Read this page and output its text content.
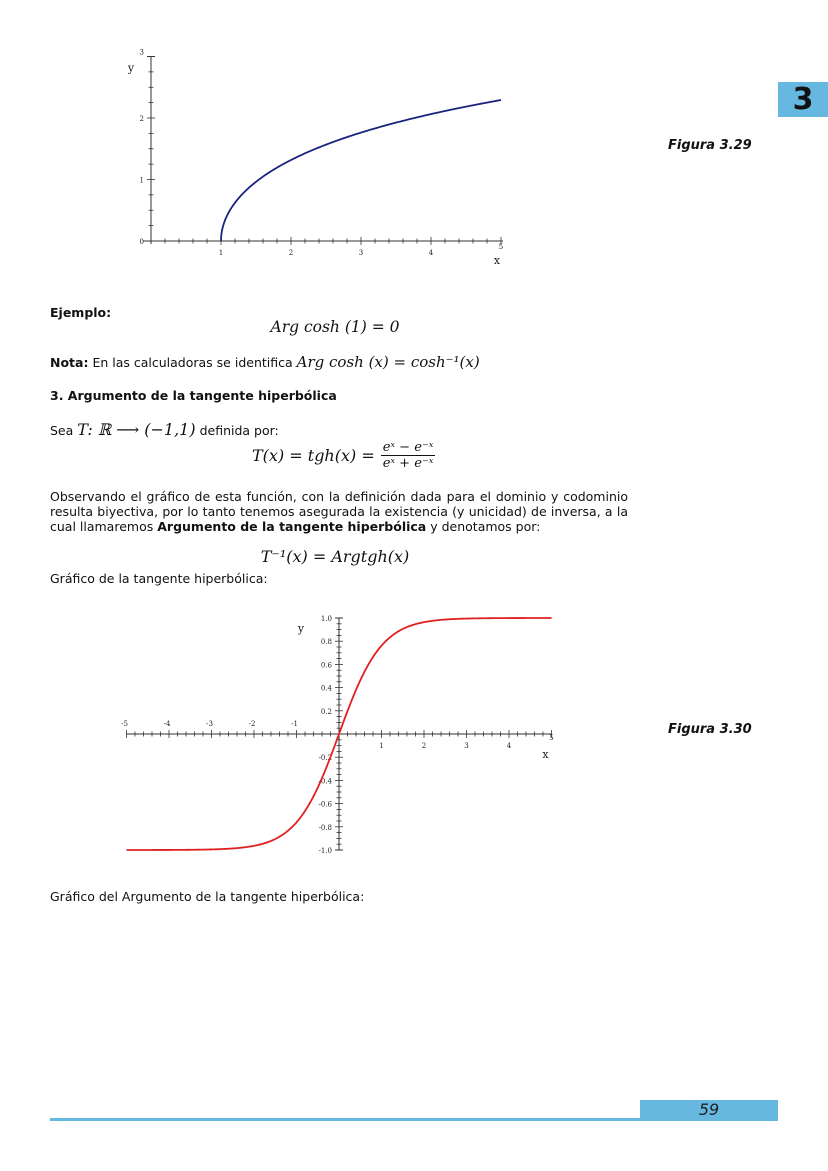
3
1	2	3	4
5
0
1
2
3
x
y
Figura 3.29
Ejemplo:
Arg cosh (1) = 0
Nota: En las calculadoras se identifica Arg cosh (x) = cosh⁻¹(x)
3. Argumento de la tangente hiperbólica
Sea T: ℝ ⟶ (−1,1) definida por:
$T(x) = tgh(x) = \frac{\text{eˣ − e⁻ˣ}}{\text{eˣ + e⁻ˣ}}$
Observando el gráfico de esta función, con la definición dada para el dominio y codominio resulta biyectiva, por lo tanto tenemos asegurada la existencia (y unicidad) de inversa, a la cual llamaremos Argumento de la tangente hiperbólica y denotamos por:
T⁻¹(x) = Argtgh(x)
Gráfico de la tangente hiperbólica:
-5	-4	-3	-2	-1
1	2	3	4
5
1.0
0.8
0.6
0.4
0.2
-0.2
-0.4
-0.6
-0.8
-1.0
x
y
Figura 3.30
Gráfico del Argumento de la tangente hiperbólica:
59
